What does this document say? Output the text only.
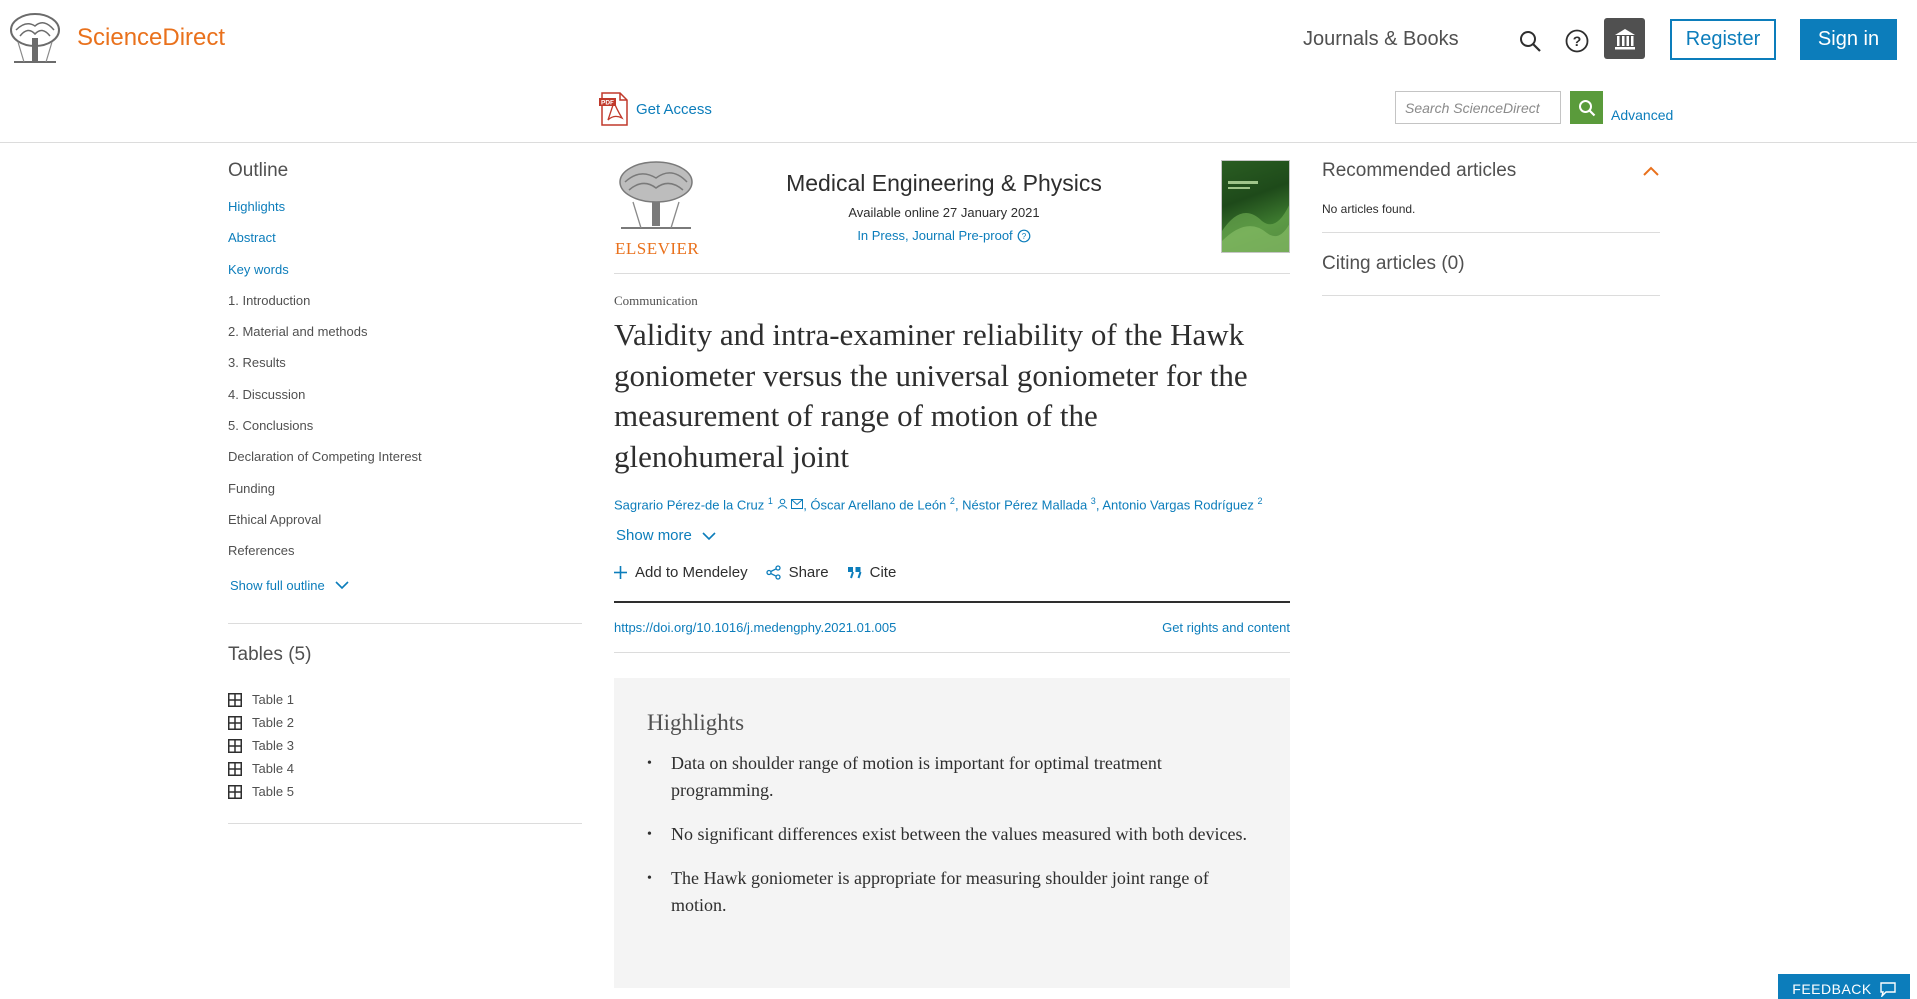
ScienceDirect	Journals & Books	?	Register	Sign in
PDF Get Access
Search ScienceDirect	Advanced
Outline
Highlights
Abstract
Key words
1. Introduction
2. Material and methods
3. Results
4. Discussion
5. Conclusions
Declaration of Competing Interest
Funding
Ethical Approval
References
Show full outline
Tables (5)
Table 1
Table 2
Table 3
Table 4
Table 5
ELSEVIER
Medical Engineering & Physics
Available online 27 January 2021
In Press, Journal Pre-proof ?
Communication
Validity and intra-examiner reliability of the Hawk goniometer versus the universal goniometer for the measurement of range of motion of the glenohumeral joint
Sagrario Pérez-de la Cruz $^1$ , Óscar Arellano de León $^2$, Néstor Pérez Mallada $^3$, Antonio Vargas Rodríguez $^2$
Show more
Add to Mendeley	Share	Cite
https://doi.org/10.1016/j.medengphy.2021.01.005	Get rights and content
Highlights
• Data on shoulder range of motion is important for optimal treatment programming.
• No significant differences exist between the values measured with both devices.
• The Hawk goniometer is appropriate for measuring shoulder joint range of motion.
Recommended articles
No articles found.
Citing articles (0)
FEEDBACK
